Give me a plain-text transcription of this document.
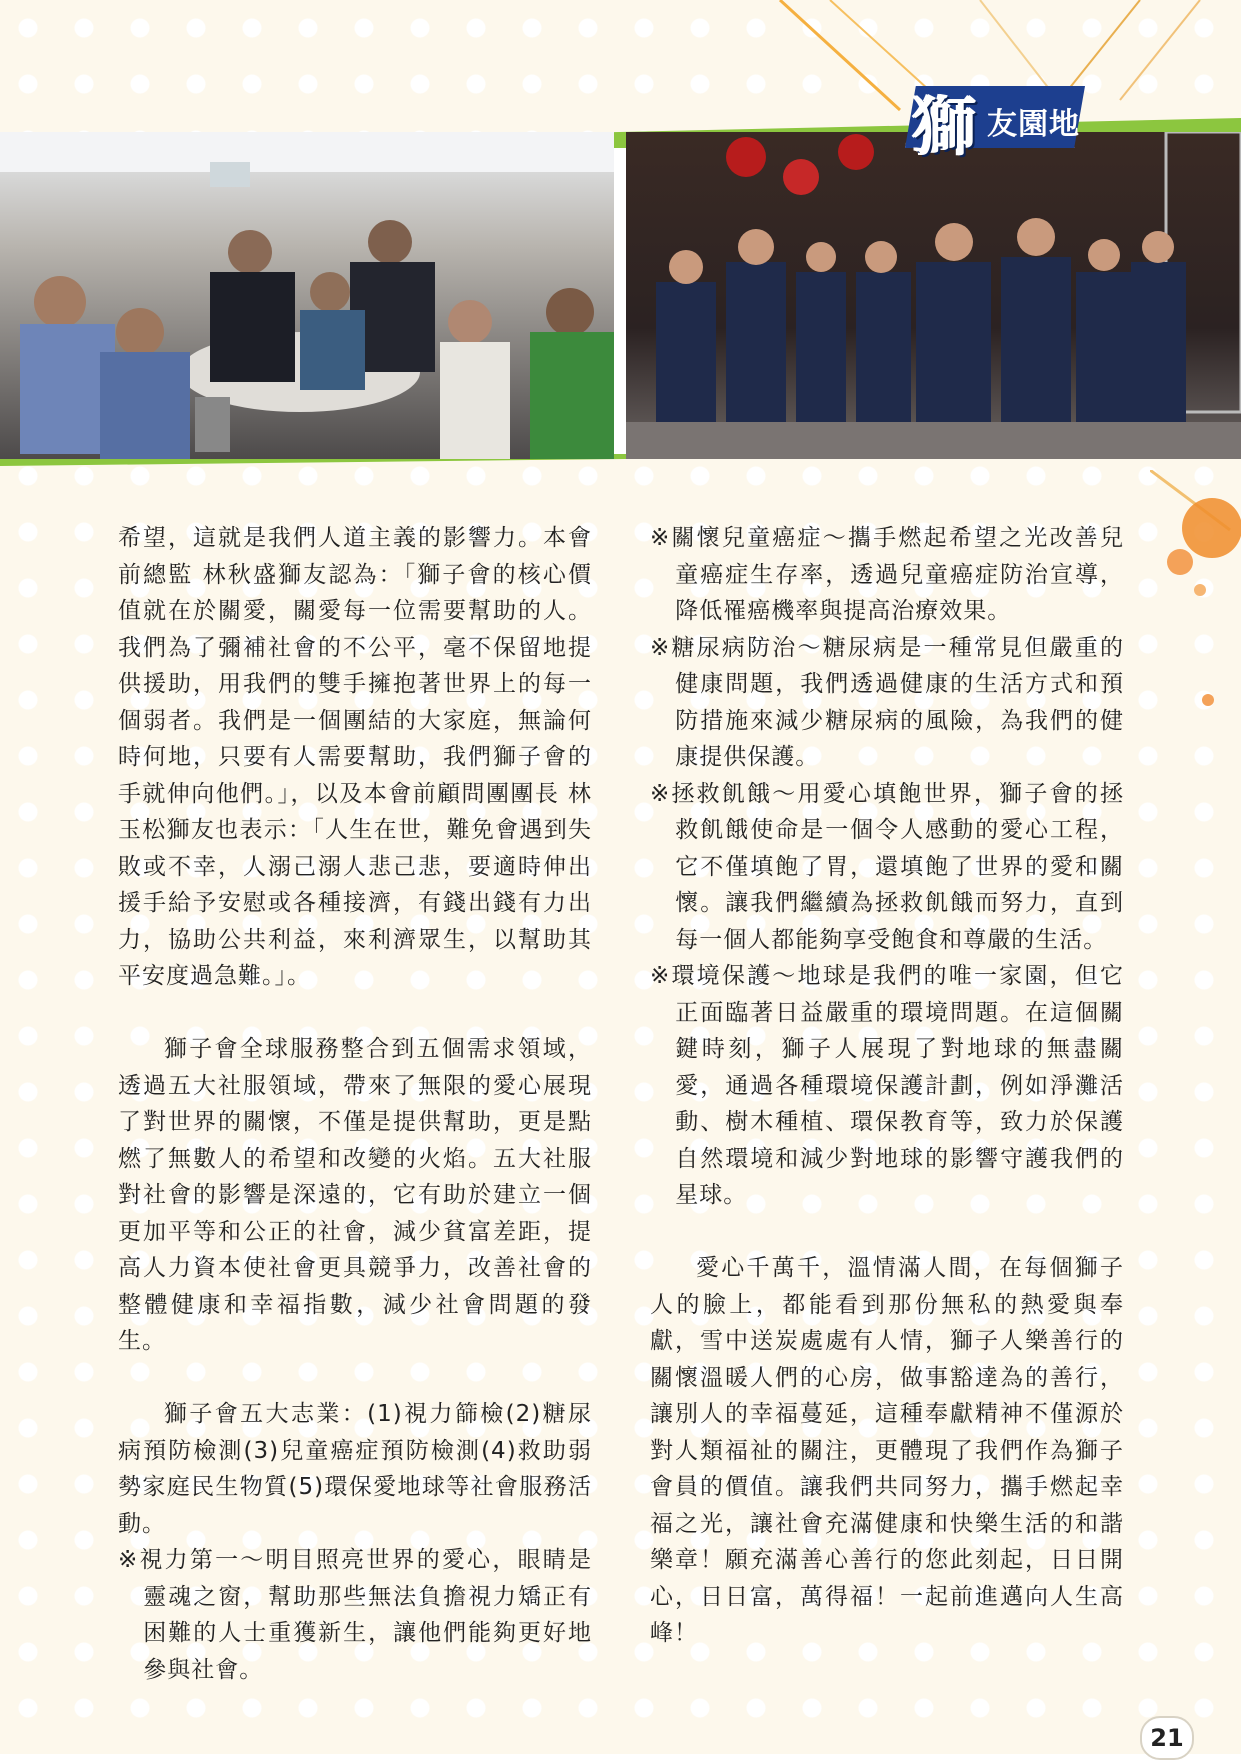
獅 友園地

希望，這就是我們人道主義的影響力。本會前總監 林秋盛獅友認為：「獅子會的核心價值就在於關愛，關愛每一位需要幫助的人。我們為了彌補社會的不公平，毫不保留地提供援助，用我們的雙手擁抱著世界上的每一個弱者。我們是一個團結的大家庭，無論何時何地，只要有人需要幫助，我們獅子會的手就伸向他們。」，以及本會前顧問團團長 林玉松獅友也表示：「人生在世，難免會遇到失敗或不幸，人溺己溺人悲己悲，要適時伸出援手給予安慰或各種接濟，有錢出錢有力出力，協助公共利益，來利濟眾生，以幫助其平安度過急難。」。

獅子會全球服務整合到五個需求領域，透過五大社服領域，帶來了無限的愛心展現了對世界的關懷，不僅是提供幫助，更是點燃了無數人的希望和改變的火焰。五大社服對社會的影響是深遠的，它有助於建立一個更加平等和公正的社會，減少貧富差距，提高人力資本使社會更具競爭力，改善社會的整體健康和幸福指數，減少社會問題的發生。

獅子會五大志業：(1)視力篩檢(2)糖尿病預防檢測(3)兒童癌症預防檢測(4)救助弱勢家庭民生物質(5)環保愛地球等社會服務活動。

※視力第一～明目照亮世界的愛心，眼睛是靈魂之窗，幫助那些無法負擔視力矯正有困難的人士重獲新生，讓他們能夠更好地參與社會。

※關懷兒童癌症～攜手燃起希望之光改善兒童癌症生存率，透過兒童癌症防治宣導，降低罹癌機率與提高治療效果。

※糖尿病防治～糖尿病是一種常見但嚴重的健康問題，我們透過健康的生活方式和預防措施來減少糖尿病的風險，為我們的健康提供保護。

※拯救飢餓～用愛心填飽世界，獅子會的拯救飢餓使命是一個令人感動的愛心工程，它不僅填飽了胃，還填飽了世界的愛和關懷。讓我們繼續為拯救飢餓而努力，直到每一個人都能夠享受飽食和尊嚴的生活。

※環境保護～地球是我們的唯一家園，但它正面臨著日益嚴重的環境問題。在這個關鍵時刻，獅子人展現了對地球的無盡關愛，通過各種環境保護計劃，例如淨灘活動、樹木種植、環保教育等，致力於保護自然環境和減少對地球的影響守護我們的星球。

愛心千萬千，溫情滿人間，在每個獅子人的臉上，都能看到那份無私的熱愛與奉獻，雪中送炭處處有人情，獅子人樂善行的關懷溫暖人們的心房，做事豁達為的善行，讓別人的幸福蔓延，這種奉獻精神不僅源於對人類福祉的關注，更體現了我們作為獅子會員的價值。讓我們共同努力，攜手燃起幸福之光，讓社會充滿健康和快樂生活的和諧樂章！願充滿善心善行的您此刻起，日日開心，日日富，萬得福！一起前進邁向人生高峰！

21
